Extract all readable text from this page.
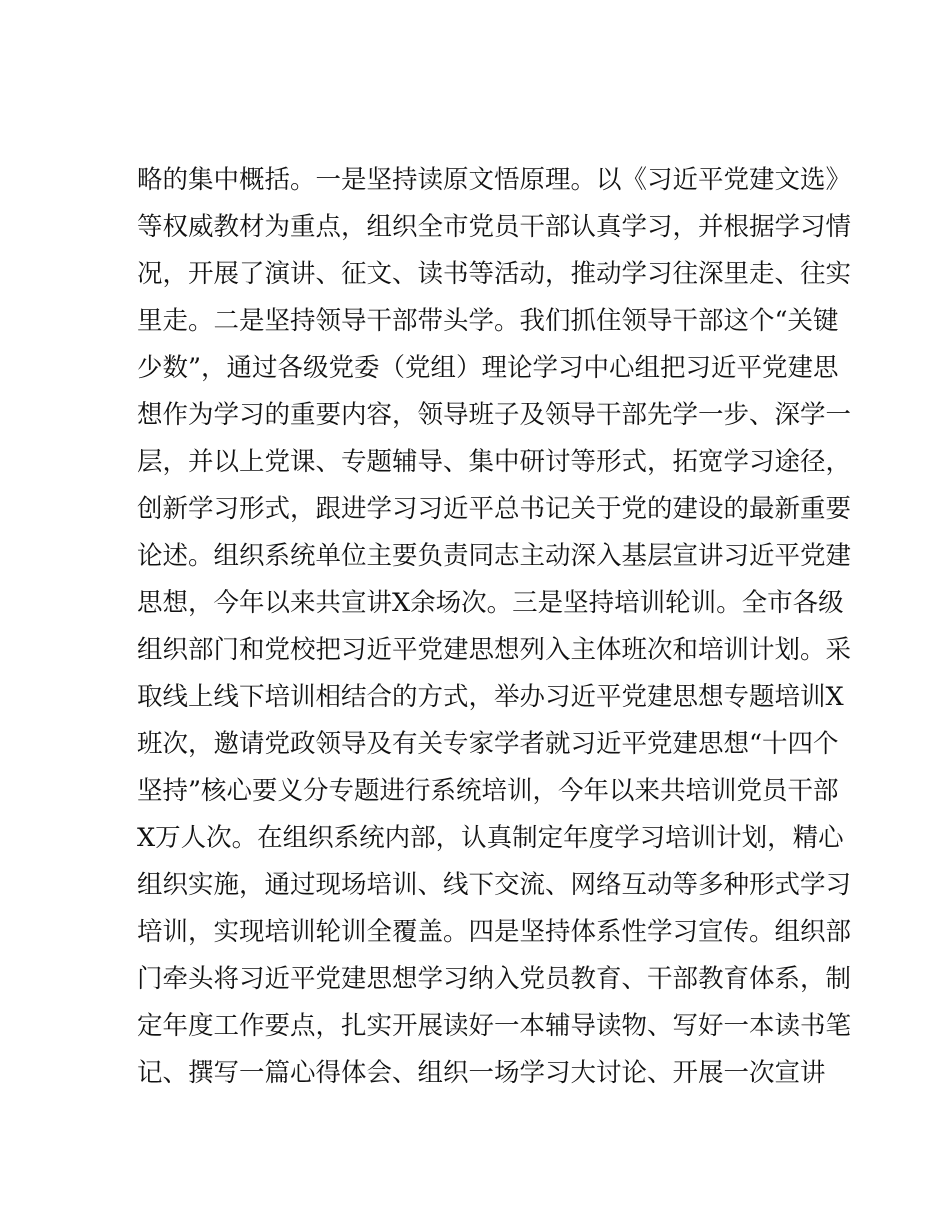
略的集中概括。一是坚持读原文悟原理。以《习近平党建文选》
等权威教材为重点，组织全市党员干部认真学习，并根据学习情
况，开展了演讲、征文、读书等活动，推动学习往深里走、往实
里走。二是坚持领导干部带头学。我们抓住领导干部这个“关键
少数”，通过各级党委（党组）理论学习中心组把习近平党建思
想作为学习的重要内容，领导班子及领导干部先学一步、深学一
层，并以上党课、专题辅导、集中研讨等形式，拓宽学习途径，
创新学习形式，跟进学习习近平总书记关于党的建设的最新重要
论述。组织系统单位主要负责同志主动深入基层宣讲习近平党建
思想，今年以来共宣讲X余场次。三是坚持培训轮训。全市各级
组织部门和党校把习近平党建思想列入主体班次和培训计划。采
取线上线下培训相结合的方式，举办习近平党建思想专题培训X
班次，邀请党政领导及有关专家学者就习近平党建思想“十四个
坚持”核心要义分专题进行系统培训，今年以来共培训党员干部
X万人次。在组织系统内部，认真制定年度学习培训计划，精心
组织实施，通过现场培训、线下交流、网络互动等多种形式学习
培训，实现培训轮训全覆盖。四是坚持体系性学习宣传。组织部
门牵头将习近平党建思想学习纳入党员教育、干部教育体系，制
定年度工作要点，扎实开展读好一本辅导读物、写好一本读书笔
记、撰写一篇心得体会、组织一场学习大讨论、开展一次宣讲
